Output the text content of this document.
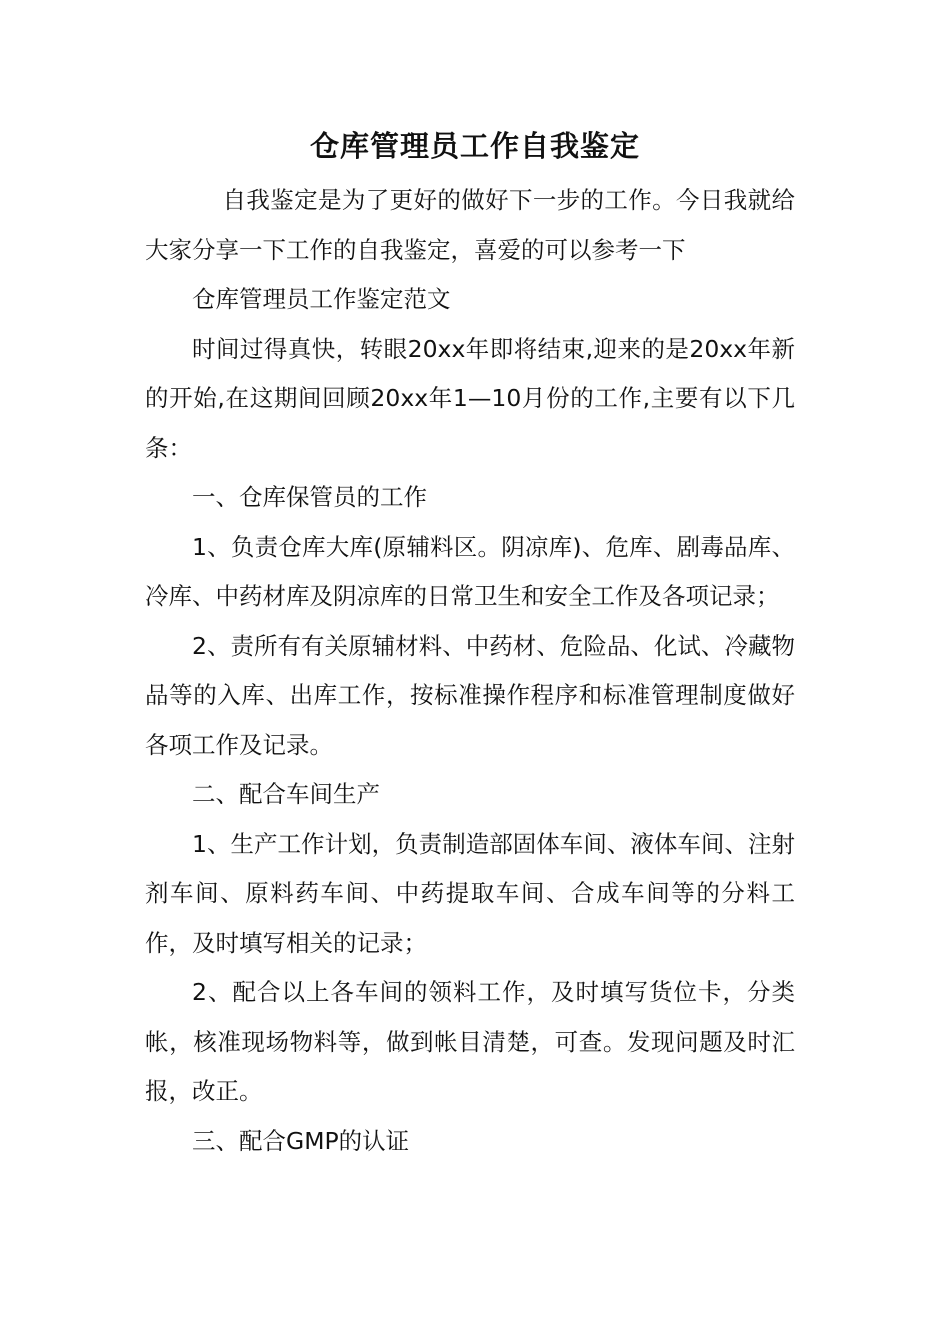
仓库管理员工作自我鉴定

自我鉴定是为了更好的做好下一步的工作。今日我就给大家分享一下工作的自我鉴定，喜爱的可以参考一下

仓库管理员工作鉴定范文

时间过得真快，转眼20xx年即将结束,迎来的是20xx年新的开始,在这期间回顾20xx年1—10月份的工作,主要有以下几条：

一、仓库保管员的工作

1、负责仓库大库(原辅料区。阴凉库)、危库、剧毒品库、冷库、中药材库及阴凉库的日常卫生和安全工作及各项记录；

2、责所有有关原辅材料、中药材、危险品、化试、冷藏物品等的入库、出库工作，按标准操作程序和标准管理制度做好各项工作及记录。

二、配合车间生产

1、生产工作计划，负责制造部固体车间、液体车间、注射剂车间、原料药车间、中药提取车间、合成车间等的分料工作，及时填写相关的记录；

2、配合以上各车间的领料工作，及时填写货位卡，分类帐，核准现场物料等，做到帐目清楚，可查。发现问题及时汇报，改正。

三、配合GMP的认证
